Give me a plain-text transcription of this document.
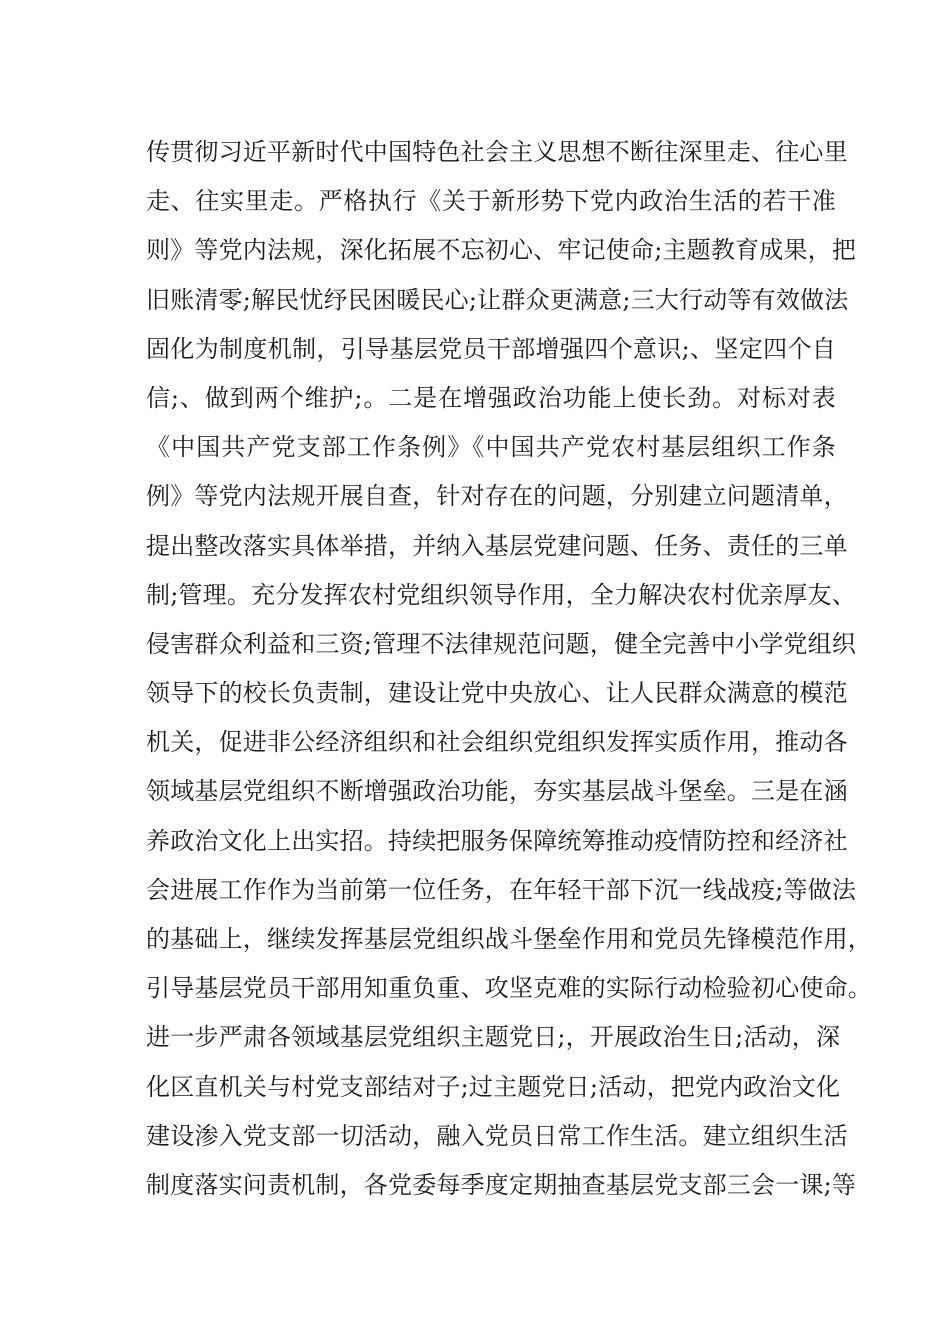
传贯彻习近平新时代中国特色社会主义思想不断往深里走、往心里
走、往实里走。严格执行《关于新形势下党内政治生活的若干准
则》等党内法规，深化拓展不忘初心、牢记使命;主题教育成果，把
旧账清零;解民忧纾民困暖民心;让群众更满意;三大行动等有效做法
固化为制度机制，引导基层党员干部增强四个意识;、坚定四个自
信;、做到两个维护;。二是在增强政治功能上使长劲。对标对表
《中国共产党支部工作条例》《中国共产党农村基层组织工作条
例》等党内法规开展自查，针对存在的问题，分别建立问题清单，
提出整改落实具体举措，并纳入基层党建问题、任务、责任的三单
制;管理。充分发挥农村党组织领导作用，全力解决农村优亲厚友、
侵害群众利益和三资;管理不法律规范问题，健全完善中小学党组织
领导下的校长负责制，建设让党中央放心、让人民群众满意的模范
机关，促进非公经济组织和社会组织党组织发挥实质作用，推动各
领域基层党组织不断增强政治功能，夯实基层战斗堡垒。三是在涵
养政治文化上出实招。持续把服务保障统筹推动疫情防控和经济社
会进展工作作为当前第一位任务，在年轻干部下沉一线战疫;等做法
的基础上，继续发挥基层党组织战斗堡垒作用和党员先锋模范作用，
引导基层党员干部用知重负重、攻坚克难的实际行动检验初心使命。
进一步严肃各领域基层党组织主题党日;，开展政治生日;活动，深
化区直机关与村党支部结对子;过主题党日;活动，把党内政治文化
建设渗入党支部一切活动，融入党员日常工作生活。建立组织生活
制度落实问责机制，各党委每季度定期抽查基层党支部三会一课;等
